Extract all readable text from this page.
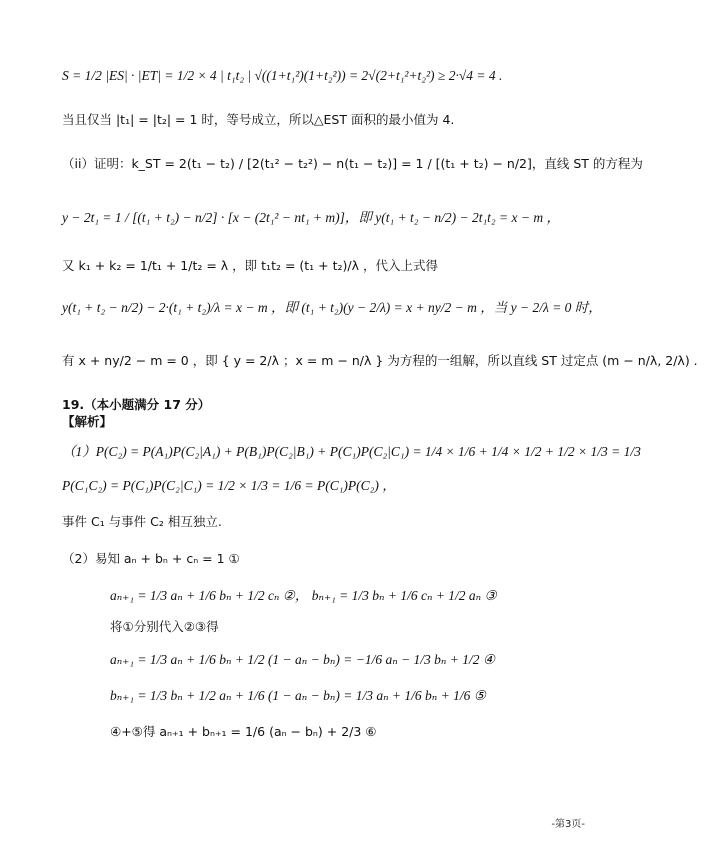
S = 1/2 |ES| · |ET| = 1/2 × 4 | t₁t₂ | √((1+t₁²)(1+t₂²)) = 2√(2+t₁²+t₂²) ≥ 2·√4 = 4 .
当且仅当 |t₁| = |t₂| = 1 时，等号成立，所以△EST 面积的最小值为 4.
（ii）证明：k_ST = 2(t₁ − t₂) / [2(t₁² − t₂²) − n(t₁ − t₂)] = 1 / [(t₁ + t₂) − n/2]，直线 ST 的方程为
y − 2t₁ = 1 / [(t₁ + t₂) − n/2] · [x − (2t₁² − nt₁ + m)]，即 y(t₁ + t₂ − n/2) − 2t₁t₂ = x − m ，
又 k₁ + k₂ = 1/t₁ + 1/t₂ = λ ，即 t₁t₂ = (t₁ + t₂)/λ ，代入上式得
y(t₁ + t₂ − n/2) − 2·(t₁ + t₂)/λ = x − m ，即 (t₁ + t₂)(y − 2/λ) = x + ny/2 − m ，当 y − 2/λ = 0 时，
有 x + ny/2 − m = 0 ，即 { y = 2/λ ；x = m − n/λ } 为方程的一组解，所以直线 ST 过定点 (m − n/λ, 2/λ) .
19.（本小题满分 17 分）
【解析】
（1）P(C₂) = P(A₁)P(C₂|A₁) + P(B₁)P(C₂|B₁) + P(C₁)P(C₂|C₁) = 1/4 × 1/6 + 1/4 × 1/2 + 1/2 × 1/3 = 1/3
P(C₁C₂) = P(C₁)P(C₂|C₁) = 1/2 × 1/3 = 1/6 = P(C₁)P(C₂) ，
事件 C₁ 与事件 C₂ 相互独立.
（2）易知 aₙ + bₙ + cₙ = 1 ①
aₙ₊₁ = 1/3 aₙ + 1/6 bₙ + 1/2 cₙ ②， bₙ₊₁ = 1/3 bₙ + 1/6 cₙ + 1/2 aₙ ③
将①分别代入②③得
aₙ₊₁ = 1/3 aₙ + 1/6 bₙ + 1/2 (1 − aₙ − bₙ) = −1/6 aₙ − 1/3 bₙ + 1/2 ④
bₙ₊₁ = 1/3 bₙ + 1/2 aₙ + 1/6 (1 − aₙ − bₙ) = 1/3 aₙ + 1/6 bₙ + 1/6 ⑤
④+⑤得 aₙ₊₁ + bₙ₊₁ = 1/6 (aₙ − bₙ) + 2/3 ⑥
-第3页-
